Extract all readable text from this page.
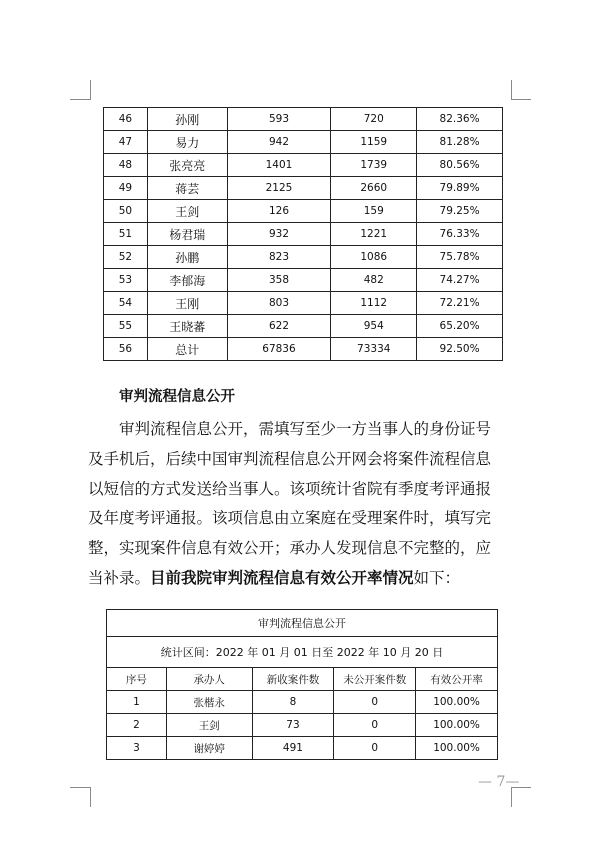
46	孙刚	593	720	82.36%
47	易力	942	1159	81.28%
48	张亮亮	1401	1739	80.56%
49	蒋芸	2125	2660	79.89%
50	王剑	126	159	79.25%
51	杨君瑞	932	1221	76.33%
52	孙鹏	823	1086	75.78%
53	李郁海	358	482	74.27%
54	王刚	803	1112	72.21%
55	王晓蕃	622	954	65.20%
56	总计	67836	73334	92.50%
审判流程信息公开
审判流程信息公开，需填写至少一方当事人的身份证号
及手机后，后续中国审判流程信息公开网会将案件流程信息
以短信的方式发送给当事人。该项统计省院有季度考评通报
及年度考评通报。该项信息由立案庭在受理案件时，填写完
整，实现案件信息有效公开；承办人发现信息不完整的，应
当补录。目前我院审判流程信息有效公开率情况如下：
审判流程信息公开				
统计区间：2022 年 01 月 01 日至 2022 年 10 月 20 日				
序号	承办人	新收案件数	未公开案件数	有效公开率
1	张楷永	8	0	100.00%
2	王剑	73	0	100.00%
3	谢婷婷	491	0	100.00%
— 7—
